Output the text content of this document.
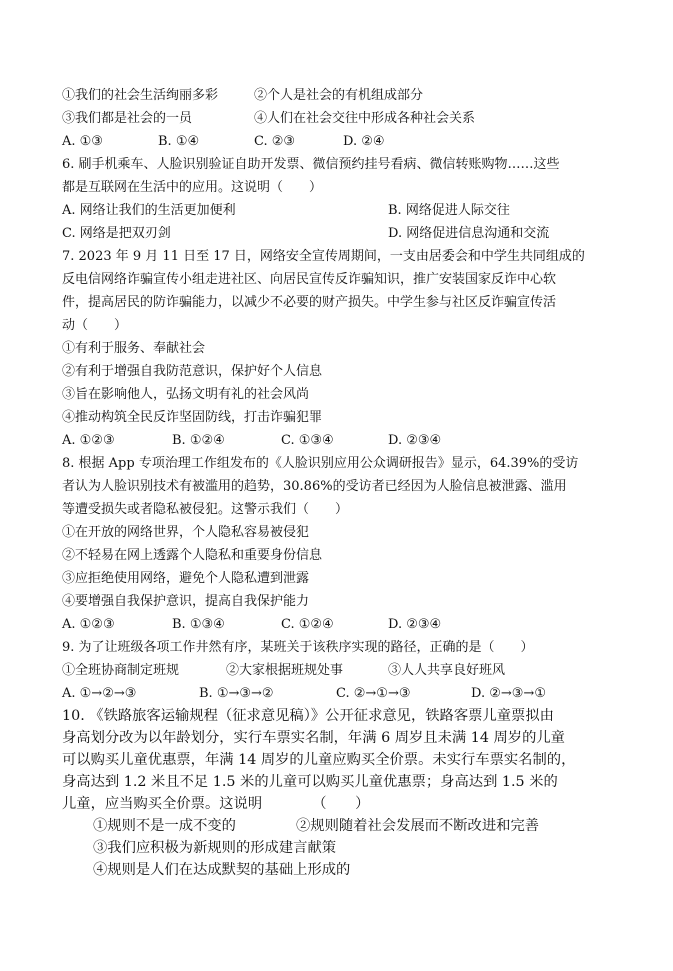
①我们的社会生活绚丽多彩	②个人是社会的有机组成部分
③我们都是社会的一员	④人们在社会交往中形成各种社会关系
A. ①③	B. ①④	C. ②③	D. ②④
6. 刷手机乘车、人脸识别验证自助开发票、微信预约挂号看病、微信转账购物……这些
都是互联网在生活中的应用。这说明（　　）
A. 网络让我们的生活更加便利	B. 网络促进人际交往
C. 网络是把双刃剑	D. 网络促进信息沟通和交流
7. 2023 年 9 月 11 日至 17 日，网络安全宣传周期间，一支由居委会和中学生共同组成的
反电信网络诈骗宣传小组走进社区、向居民宣传反诈骗知识，推广安装国家反诈中心软
件，提高居民的防诈骗能力，以减少不必要的财产损失。中学生参与社区反诈骗宣传活
动（　　）
①有利于服务、奉献社会
②有利于增强自我防范意识，保护好个人信息
③旨在影响他人，弘扬文明有礼的社会风尚
④推动构筑全民反诈坚固防线，打击诈骗犯罪
A. ①②③	B. ①②④	C. ①③④	D. ②③④
8. 根据 App 专项治理工作组发布的《人脸识别应用公众调研报告》显示，64.39%的受访
者认为人脸识别技术有被滥用的趋势，30.86%的受访者已经因为人脸信息被泄露、滥用
等遭受损失或者隐私被侵犯。这警示我们（　　）
①在开放的网络世界，个人隐私容易被侵犯
②不轻易在网上透露个人隐私和重要身份信息
③应拒绝使用网络，避免个人隐私遭到泄露
④要增强自我保护意识，提高自我保护能力
A. ①②③	B. ①③④	C. ①②④	D. ②③④
9. 为了让班级各项工作井然有序，某班关于该秩序实现的路径，正确的是（　　）
①全班协商制定班规	②大家根据班规处事	③人人共享良好班风
A. ①→②→③	B. ①→③→②	C. ②→①→③	D. ②→③→①
10. 《铁路旅客运输规程（征求意见稿）》公开征求意见，铁路客票儿童票拟由
身高划分改为以年龄划分，实行车票实名制，年满 6 周岁且未满 14 周岁的儿童
可以购买儿童优惠票，年满 14 周岁的儿童应购买全价票。未实行车票实名制的，
身高达到 1.2 米且不足 1.5 米的儿童可以购买儿童优惠票；身高达到 1.5 米的
儿童，应当购买全价票。这说明　　　　（　　）
①规则不是一成不变的	②规则随着社会发展而不断改进和完善
③我们应积极为新规则的形成建言献策
④规则是人们在达成默契的基础上形成的
